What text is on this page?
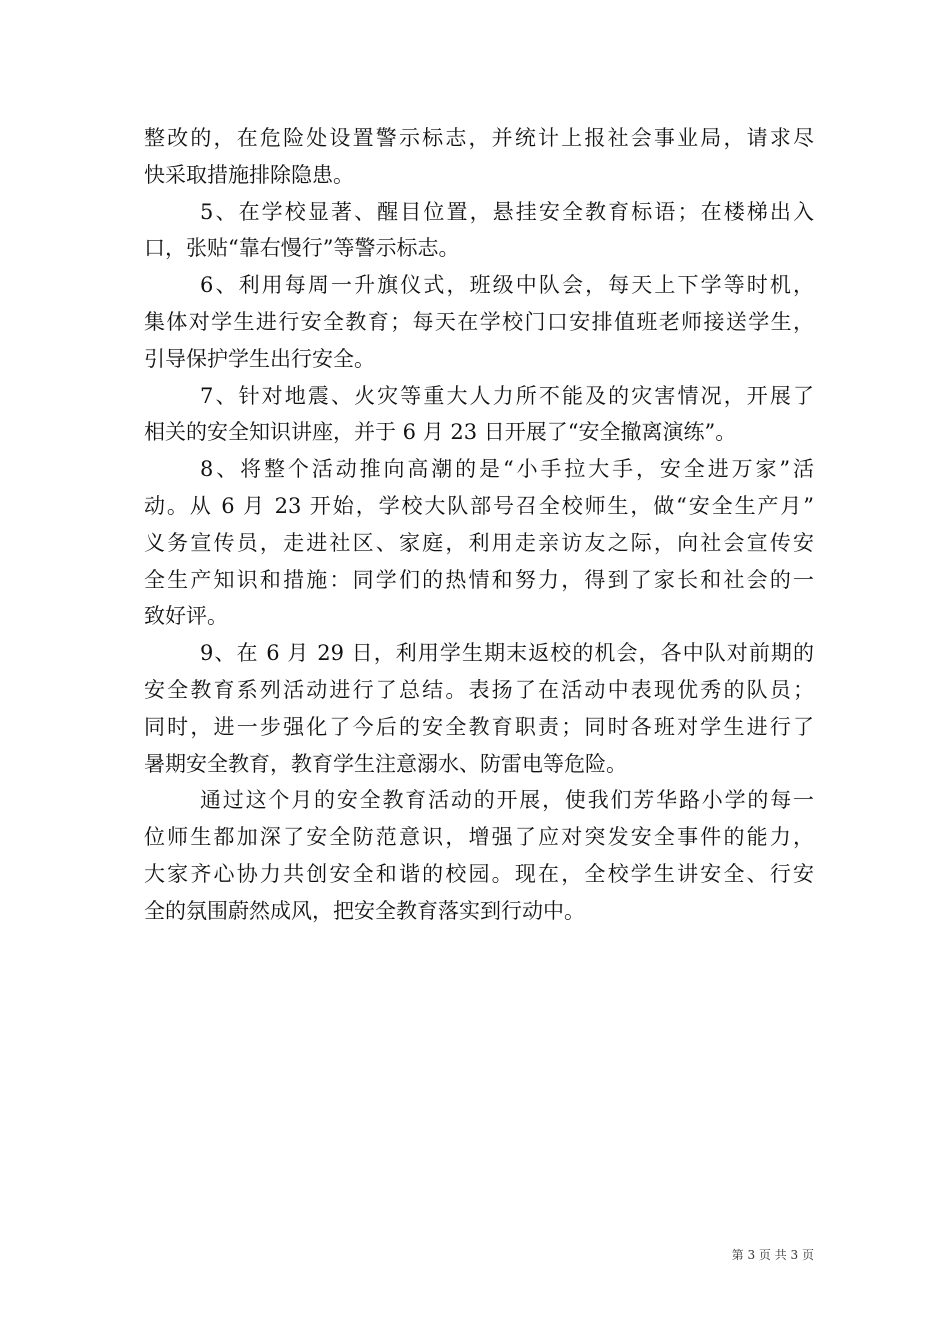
整改的，在危险处设置警示标志，并统计上报社会事业局，请求尽
快采取措施排除隐患。
5、在学校显著、醒目位置，悬挂安全教育标语；在楼梯出入
口，张贴“靠右慢行”等警示标志。
6、利用每周一升旗仪式，班级中队会，每天上下学等时机，
集体对学生进行安全教育；每天在学校门口安排值班老师接送学生，
引导保护学生出行安全。
7、针对地震、火灾等重大人力所不能及的灾害情况，开展了
相关的安全知识讲座，并于 6 月 23 日开展了“安全撤离演练”。
8、将整个活动推向高潮的是“小手拉大手，安全进万家”活
动。从 6 月 23 开始，学校大队部号召全校师生，做“安全生产月”
义务宣传员，走进社区、家庭，利用走亲访友之际，向社会宣传安
全生产知识和措施：同学们的热情和努力，得到了家长和社会的一
致好评。
9、在 6 月 29 日，利用学生期末返校的机会，各中队对前期的
安全教育系列活动进行了总结。表扬了在活动中表现优秀的队员；
同时，进一步强化了今后的安全教育职责；同时各班对学生进行了
暑期安全教育，教育学生注意溺水、防雷电等危险。
通过这个月的安全教育活动的开展，使我们芳华路小学的每一
位师生都加深了安全防范意识，增强了应对突发安全事件的能力，
大家齐心协力共创安全和谐的校园。现在，全校学生讲安全、行安
全的氛围蔚然成风，把安全教育落实到行动中。
第 3 页 共 3 页
